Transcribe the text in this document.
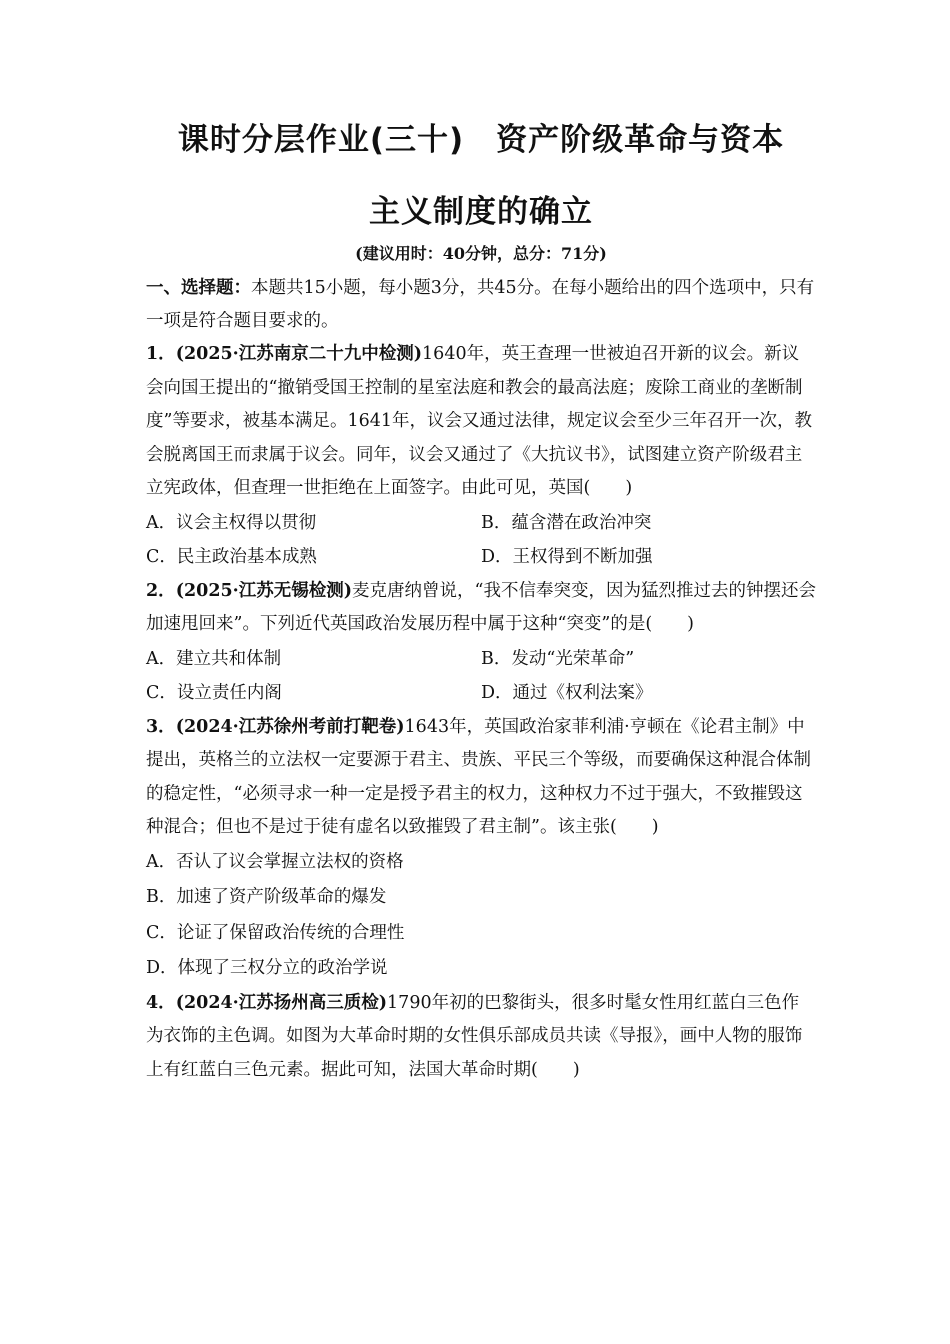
课时分层作业(三十) 资产阶级革命与资本
主义制度的确立
(建议用时：40分钟，总分：71分)
一、选择题：本题共15小题，每小题3分，共45分。在每小题给出的四个选项中，只有一项是符合题目要求的。
1．(2025·江苏南京二十九中检测)1640年，英王查理一世被迫召开新的议会。新议会向国王提出的“撤销受国王控制的星室法庭和教会的最高法庭；废除工商业的垄断制度”等要求，被基本满足。1641年，议会又通过法律，规定议会至少三年召开一次，教会脱离国王而隶属于议会。同年，议会又通过了《大抗议书》，试图建立资产阶级君主立宪政体，但查理一世拒绝在上面签字。由此可见，英国(　　)
A．议会主权得以贯彻	B．蕴含潜在政治冲突
C．民主政治基本成熟	D．王权得到不断加强
2．(2025·江苏无锡检测)麦克唐纳曾说，“我不信奉突变，因为猛烈推过去的钟摆还会加速甩回来”。下列近代英国政治发展历程中属于这种“突变”的是(　　)
A．建立共和体制	B．发动“光荣革命”
C．设立责任内阁	D．通过《权利法案》
3．(2024·江苏徐州考前打靶卷)1643年，英国政治家菲利浦·亨顿在《论君主制》中提出，英格兰的立法权一定要源于君主、贵族、平民三个等级，而要确保这种混合体制的稳定性，“必须寻求一种一定是授予君主的权力，这种权力不过于强大，不致摧毁这种混合；但也不是过于徒有虚名以致摧毁了君主制”。该主张(　　)
A．否认了议会掌握立法权的资格
B．加速了资产阶级革命的爆发
C．论证了保留政治传统的合理性
D．体现了三权分立的政治学说
4．(2024·江苏扬州高三质检)1790年初的巴黎街头，很多时髦女性用红蓝白三色作为衣饰的主色调。如图为大革命时期的女性俱乐部成员共读《导报》，画中人物的服饰上有红蓝白三色元素。据此可知，法国大革命时期(　　)
